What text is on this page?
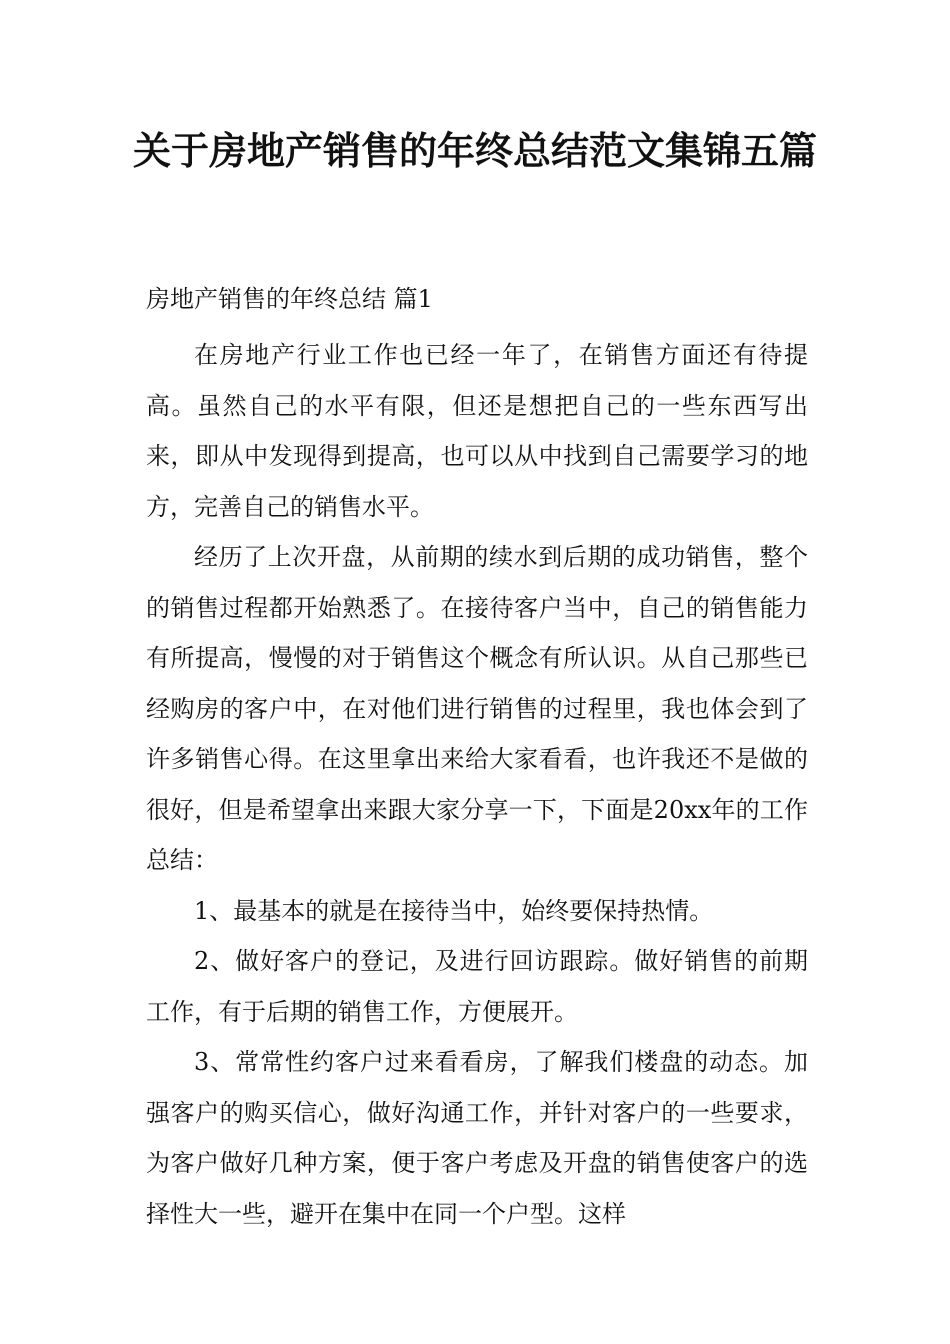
关于房地产销售的年终总结范文集锦五篇
房地产销售的年终总结 篇1

在房地产行业工作也已经一年了，在销售方面还有待提高。虽然自己的水平有限，但还是想把自己的一些东西写出来，即从中发现得到提高，也可以从中找到自己需要学习的地方，完善自己的销售水平。

经历了上次开盘，从前期的续水到后期的成功销售，整个的销售过程都开始熟悉了。在接待客户当中，自己的销售能力有所提高，慢慢的对于销售这个概念有所认识。从自己那些已经购房的客户中，在对他们进行销售的过程里，我也体会到了许多销售心得。在这里拿出来给大家看看，也许我还不是做的很好，但是希望拿出来跟大家分享一下，下面是20xx年的工作总结：

1、最基本的就是在接待当中，始终要保持热情。

2、做好客户的登记，及进行回访跟踪。做好销售的前期工作，有于后期的销售工作，方便展开。

3、常常性约客户过来看看房，了解我们楼盘的动态。加强客户的购买信心，做好沟通工作，并针对客户的一些要求，为客户做好几种方案，便于客户考虑及开盘的销售使客户的选择性大一些，避开在集中在同一个户型。这样
